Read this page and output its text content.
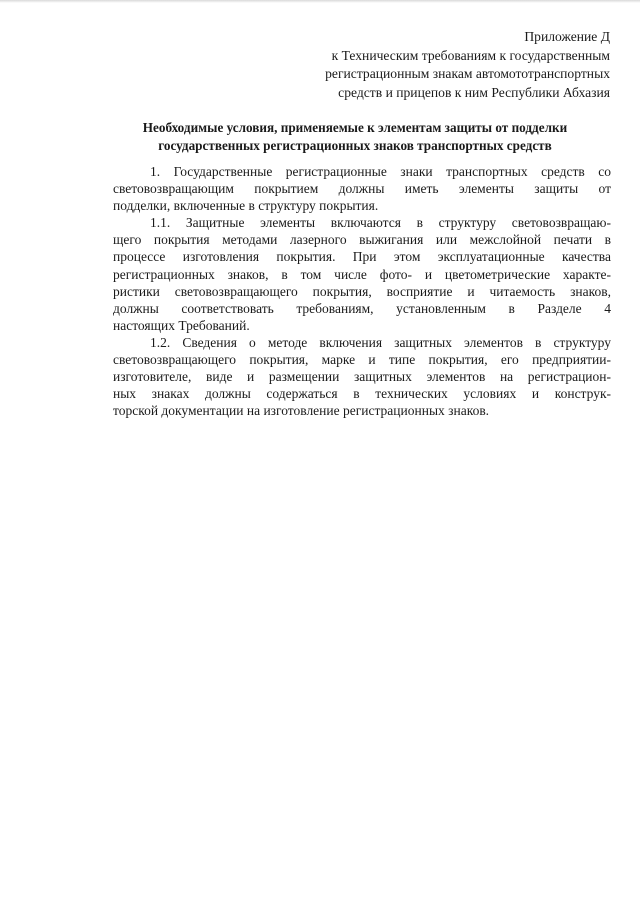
Приложение Д
к Техническим требованиям к государственным
регистрационным знакам автомототранспортных
средств и прицепов к ним Республики Абхазия
Необходимые условия, применяемые к элементам защиты от подделки
государственных регистрационных знаков транспортных средств
1. Государственные регистрационные знаки транспортных средств со
световозвращающим покрытием должны иметь элементы защиты от
подделки, включенные в структуру покрытия.
1.1. Защитные элементы включаются в структуру световозвращаю-
щего покрытия методами лазерного выжигания или межслойной печати в
процессе изготовления покрытия. При этом эксплуатационные качества
регистрационных знаков, в том числе фото- и цветометрические характе-
ристики световозвращающего покрытия, восприятие и читаемость знаков,
должны соответствовать требованиям, установленным в Разделе 4
настоящих Требований.
1.2. Сведения о методе включения защитных элементов в структуру
световозвращающего покрытия, марке и типе покрытия, его предприятии-
изготовителе, виде и размещении защитных элементов на регистрацион-
ных знаках должны содержаться в технических условиях и конструк-
торской документации на изготовление регистрационных знаков.
